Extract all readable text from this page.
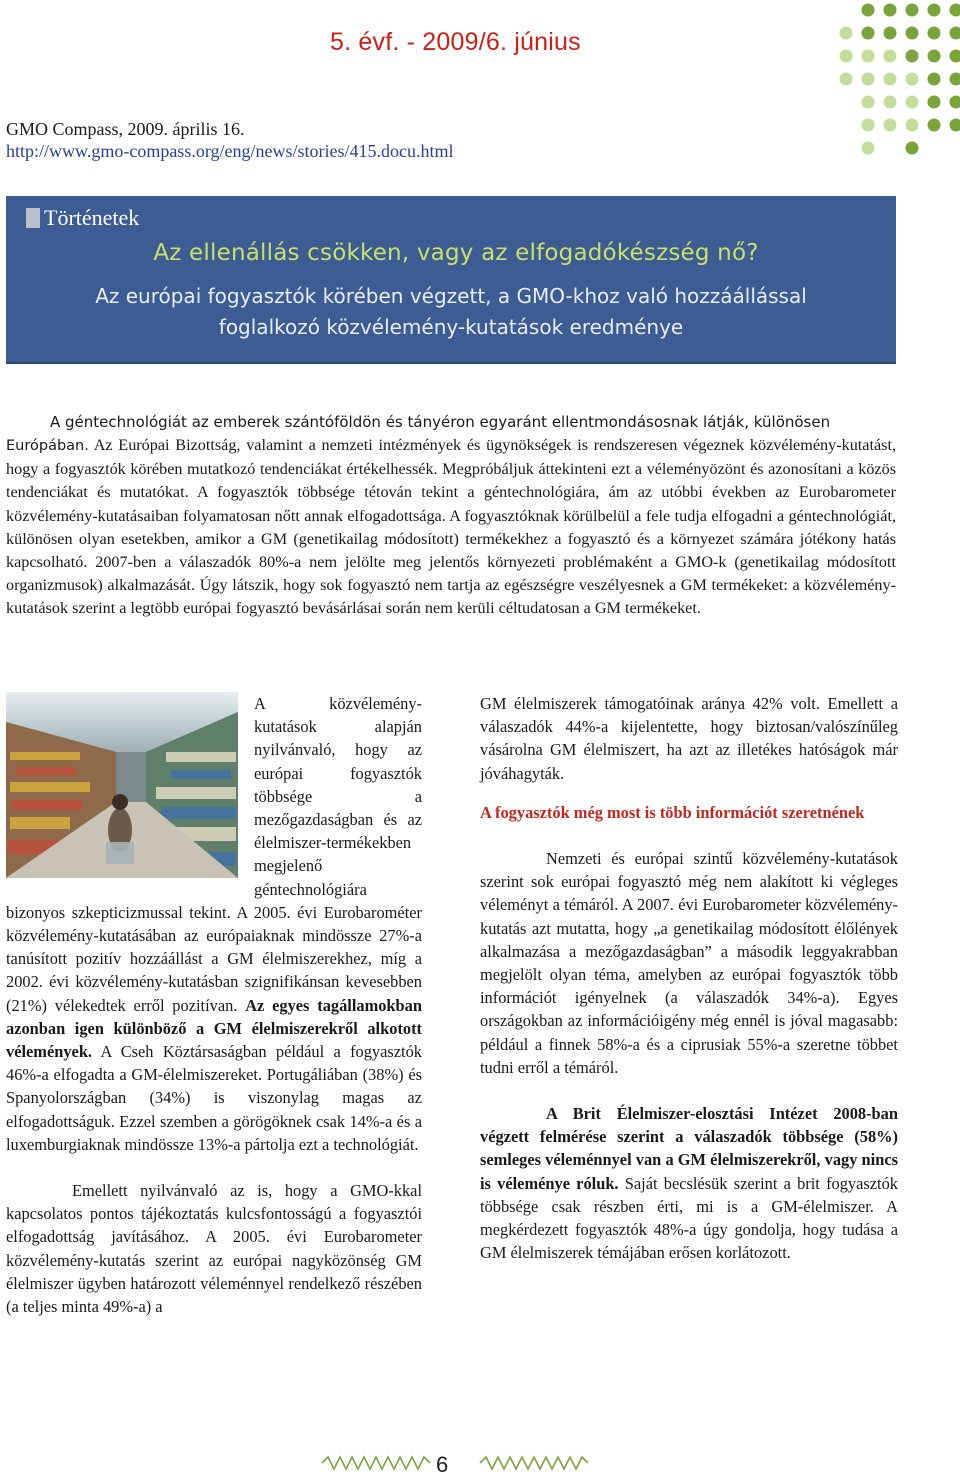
5. évf. - 2009/6. június

GMO Compass, 2009. április 16.

http://www.gmo-compass.org/eng/news/stories/415.docu.html

Történetek

Az ellenállás csökken, vagy az elfogadókészség nő?
Az európai fogyasztók körében végzett, a GMO-khoz való hozzáállással
foglalkozó közvélemény-kutatások eredménye

A géntechnológiát az emberek szántóföldön és tányéron egyaránt ellentmondásosnak látják, különösen

Európában. Az Európai Bizottság, valamint a nemzeti intézmények és ügynökségek is rendszeresen végeznek közvélemény-kutatást, hogy a fogyasztók körében mutatkozó tendenciákat értékelhessék. Megpróbáljuk áttekinteni ezt a véleményözönt és azonosítani a közös tendenciákat és mutatókat. A fogyasztók többsége tétován tekint a géntechnológiára, ám az utóbbi években az Eurobarometer közvélemény-kutatásaiban folyamatosan nőtt annak elfogadottsága. A fogyasztóknak körülbelül a fele tudja elfogadni a géntechnológiát, különösen olyan esetekben, amikor a GM (genetikailag módosított) termékekhez a fogyasztó és a környezet számára jótékony hatás kapcsolható. 2007-ben a válaszadók 80%-a nem jelölte meg jelentős környezeti problémaként a GMO-k (genetikailag módosított organizmusok) alkalmazását. Úgy látszik, hogy sok fogyasztó nem tartja az egészségre veszélyesnek a GM termékeket: a közvélemény-kutatások szerint a legtöbb európai fogyasztó bevásárlásai során nem kerüli céltudatosan a GM termékeket.

A közvélemény-kutatások alapján nyilvánvaló, hogy az európai fogyasztók többsége a mezőgazdaságban és az élelmiszer-termékekben megjelenő géntechnológiára bizonyos szkepticizmussal tekint. A 2005. évi Eurobarométer közvélemény-kutatásában az európaiaknak mindössze 27%-a tanúsított pozitív hozzáállást a GM élelmiszerekhez, míg a 2002. évi közvélemény-kutatásban szignifikánsan kevesebben (21%) vélekedtek erről pozitívan. Az egyes tagállamokban azonban igen különböző a GM élelmiszerekről alkotott vélemények. A Cseh Köztársaságban például a fogyasztók 46%-a elfogadta a GM-élelmiszereket. Portugáliában (38%) és Spanyolországban (34%) is viszonylag magas az elfogadottságuk. Ezzel szemben a görögöknek csak 14%-a és a luxemburgiaknak mindössze 13%-a pártolja ezt a technológiát.

Emellett nyilvánvaló az is, hogy a GMO-kkal kapcsolatos pontos tájékoztatás kulcsfontosságú a fogyasztói elfogadottság javításához. A 2005. évi Eurobarometer közvélemény-kutatás szerint az európai nagyközönség GM élelmiszer ügyben határozott véleménnyel rendelkező részében (a teljes minta 49%-a) a

GM élelmiszerek támogatóinak aránya 42% volt. Emellett a válaszadók 44%-a kijelentette, hogy biztosan/valószínűleg vásárolna GM élelmiszert, ha azt az illetékes hatóságok már jóváhagyták.

A fogyasztók még most is több információt szeretnének

Nemzeti és európai szintű közvélemény-kutatások szerint sok európai fogyasztó még nem alakított ki végleges véleményt a témáról. A 2007. évi Eurobarometer közvélemény-kutatás azt mutatta, hogy „a genetikailag módosított élőlények alkalmazása a mezőgazdaságban” a második leggyakrabban megjelölt olyan téma, amelyben az európai fogyasztók több információt igényelnek (a válaszadók 34%-a). Egyes országokban az információigény még ennél is jóval magasabb: például a finnek 58%-a és a ciprusiak 55%-a szeretne többet tudni erről a témáról.

A Brit Élelmiszer-elosztási Intézet 2008-ban végzett felmérése szerint a válaszadók többsége (58%) semleges véleménnyel van a GM élelmiszerekről, vagy nincs is véleménye róluk. Saját becslésük szerint a brit fogyasztók többsége csak részben érti, mi is a GM-élelmiszer. A megkérdezett fogyasztók 48%-a úgy gondolja, hogy tudása a GM élelmiszerek témájában erősen korlátozott.

6
